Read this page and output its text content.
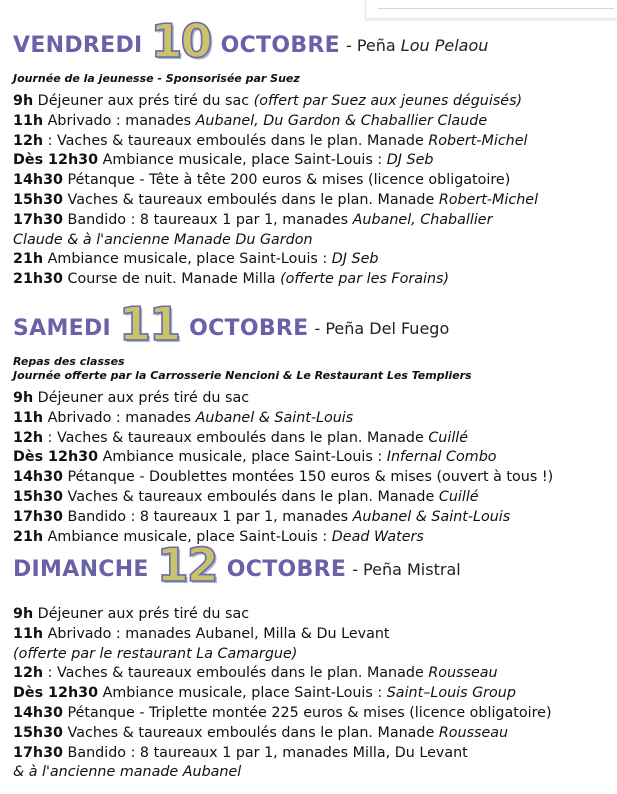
VENDREDI 10 OCTOBRE - Peña Lou Pelaou
Journée de la jeunesse - Sponsorisée par Suez
9h Déjeuner aux prés tiré du sac (offert par Suez aux jeunes déguisés)
11h Abrivado : manades Aubanel, Du Gardon & Chaballier Claude
12h : Vaches & taureaux emboulés dans le plan. Manade Robert-Michel
Dès 12h30 Ambiance musicale, place Saint-Louis : DJ Seb
14h30 Pétanque - Tête à tête 200 euros & mises (licence obligatoire)
15h30 Vaches & taureaux emboulés dans le plan. Manade Robert-Michel
17h30 Bandido : 8 taureaux 1 par 1, manades Aubanel, Chaballier
Claude & à l'ancienne Manade Du Gardon
21h Ambiance musicale, place Saint-Louis : DJ Seb
21h30 Course de nuit. Manade Milla (offerte par les Forains)
SAMEDI 11 OCTOBRE - Peña Del Fuego
Repas des classes
Journée offerte par la Carrosserie Nencioni & Le Restaurant Les Templiers
9h Déjeuner aux prés tiré du sac
11h Abrivado : manades Aubanel & Saint-Louis
12h : Vaches & taureaux emboulés dans le plan. Manade Cuillé
Dès 12h30 Ambiance musicale, place Saint-Louis : Infernal Combo
14h30 Pétanque - Doublettes montées 150 euros & mises (ouvert à tous !)
15h30 Vaches & taureaux emboulés dans le plan. Manade Cuillé
17h30 Bandido : 8 taureaux 1 par 1, manades Aubanel & Saint-Louis
21h Ambiance musicale, place Saint-Louis : Dead Waters
DIMANCHE 12 OCTOBRE - Peña Mistral
9h Déjeuner aux prés tiré du sac
11h Abrivado : manades Aubanel, Milla & Du Levant
(offerte par le restaurant La Camargue)
12h : Vaches & taureaux emboulés dans le plan. Manade Rousseau
Dès 12h30 Ambiance musicale, place Saint-Louis : Saint–Louis Group
14h30 Pétanque - Triplette montée 225 euros & mises (licence obligatoire)
15h30 Vaches & taureaux emboulés dans le plan. Manade Rousseau
17h30 Bandido : 8 taureaux 1 par 1, manades Milla, Du Levant
& à l'ancienne manade Aubanel
